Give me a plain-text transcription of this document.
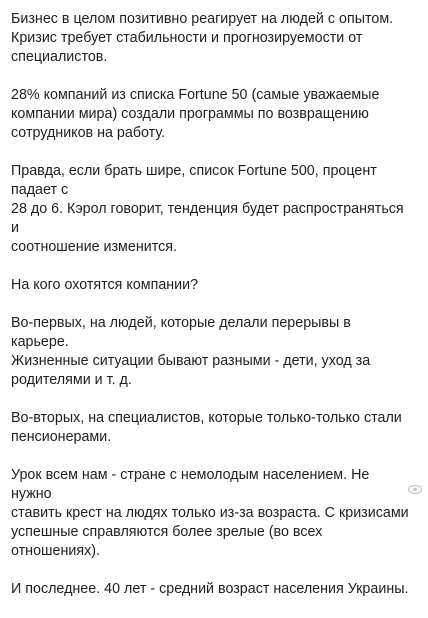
Бизнес в целом позитивно реагирует на людей с опытом.
Кризис требует стабильности и прогнозируемости от
специалистов.

28% компаний из списка Fortune 50 (самые уважаемые
компании мира) создали программы по возвращению
сотрудников на работу.

Правда, если брать шире, список Fortune 500, процент падает с
28 до 6. Кэрол говорит, тенденция будет распространяться и
соотношение изменится.

На кого охотятся компании?

Во-первых, на людей, которые делали перерывы в карьере.
Жизненные ситуации бывают разными - дети, уход за
родителями и т. д.

Во-вторых, на специалистов, которые только-только стали
пенсионерами.

Урок всем нам - стране с немолодым населением. Не нужно
ставить крест на людях только из-за возраста. С кризисами
успешные справляются более зрелые (во всех отношениях).

И последнее. 40 лет - средний возраст населения Украины.
